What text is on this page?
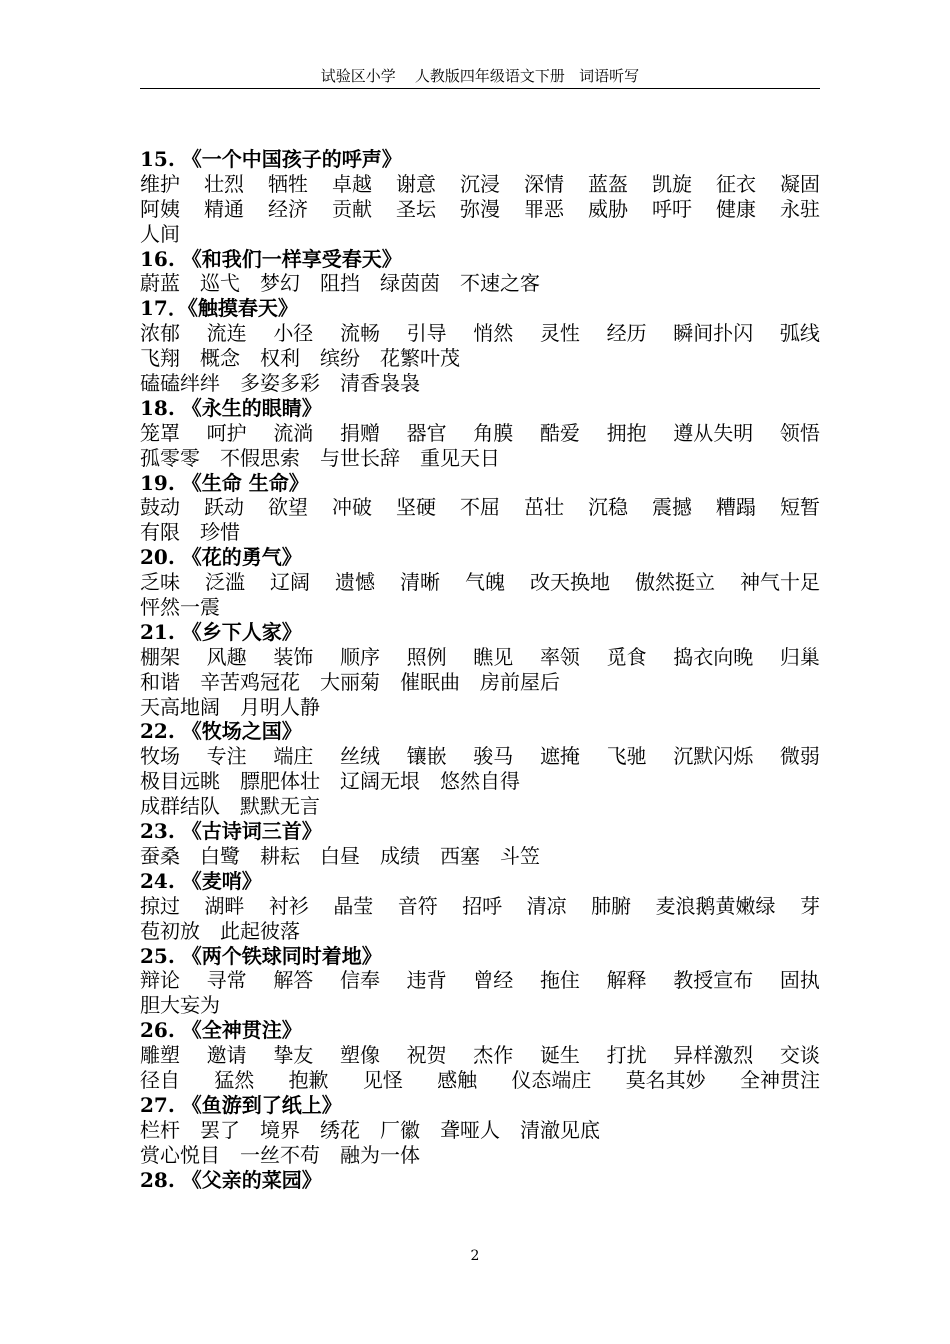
试验区小学    人教版四年级语文下册   词语听写
15. 《一个中国孩子的呼声》
维护 壮烈 牺牲 卓越 谢意 沉浸 深情 蓝盔 凯旋 征衣 凝固
阿姨 精通 经济 贡献 圣坛 弥漫 罪恶 威胁 呼吁 健康 永驻
人间
16. 《和我们一样享受春天》
蔚蓝 巡弋 梦幻 阻挡 绿茵茵 不速之客
17．《触摸春天》
浓郁 流连 小径 流畅 引导 悄然 灵性 经历 瞬间扑闪 弧线
飞翔 概念 权利 缤纷 花繁叶茂
磕磕绊绊 多姿多彩 清香袅袅
18. 《永生的眼睛》
笼罩 呵护 流淌 捐赠 器官 角膜 酷爱 拥抱 遵从失明 领悟
孤零零 不假思索 与世长辞 重见天日
19. 《生命 生命》
鼓动 跃动 欲望 冲破 坚硬 不屈 茁壮 沉稳 震撼 糟蹋 短暂
有限 珍惜
20. 《花的勇气》
乏味 泛滥 辽阔 遗憾 清晰 气魄 改天换地 傲然挺立 神气十足
怦然一震
21. 《乡下人家》
棚架 风趣 装饰 顺序 照例 瞧见 率领 觅食 捣衣向晚 归巢
和谐 辛苦鸡冠花 大丽菊 催眠曲 房前屋后
天高地阔 月明人静
22. 《牧场之国》
牧场 专注 端庄 丝绒 镶嵌 骏马 遮掩 飞驰 沉默闪烁 微弱
极目远眺 膘肥体壮 辽阔无垠 悠然自得
成群结队 默默无言
23. 《古诗词三首》
蚕桑 白鹭 耕耘 白昼 成绩 西塞 斗笠
24. 《麦哨》
掠过 湖畔 衬衫 晶莹 音符 招呼 清凉 肺腑 麦浪鹅黄嫩绿 芽
苞初放 此起彼落
25. 《两个铁球同时着地》
辩论 寻常 解答 信奉 违背 曾经 拖住 解释 教授宣布 固执
胆大妄为
26. 《全神贯注》
雕塑 邀请 挚友 塑像 祝贺 杰作 诞生 打扰 异样激烈 交谈
径自 猛然 抱歉 见怪 感触 仪态端庄 莫名其妙 全神贯注
27. 《鱼游到了纸上》
栏杆 罢了 境界 绣花 厂徽 聋哑人 清澈见底
赏心悦目 一丝不苟 融为一体
28. 《父亲的菜园》
2
